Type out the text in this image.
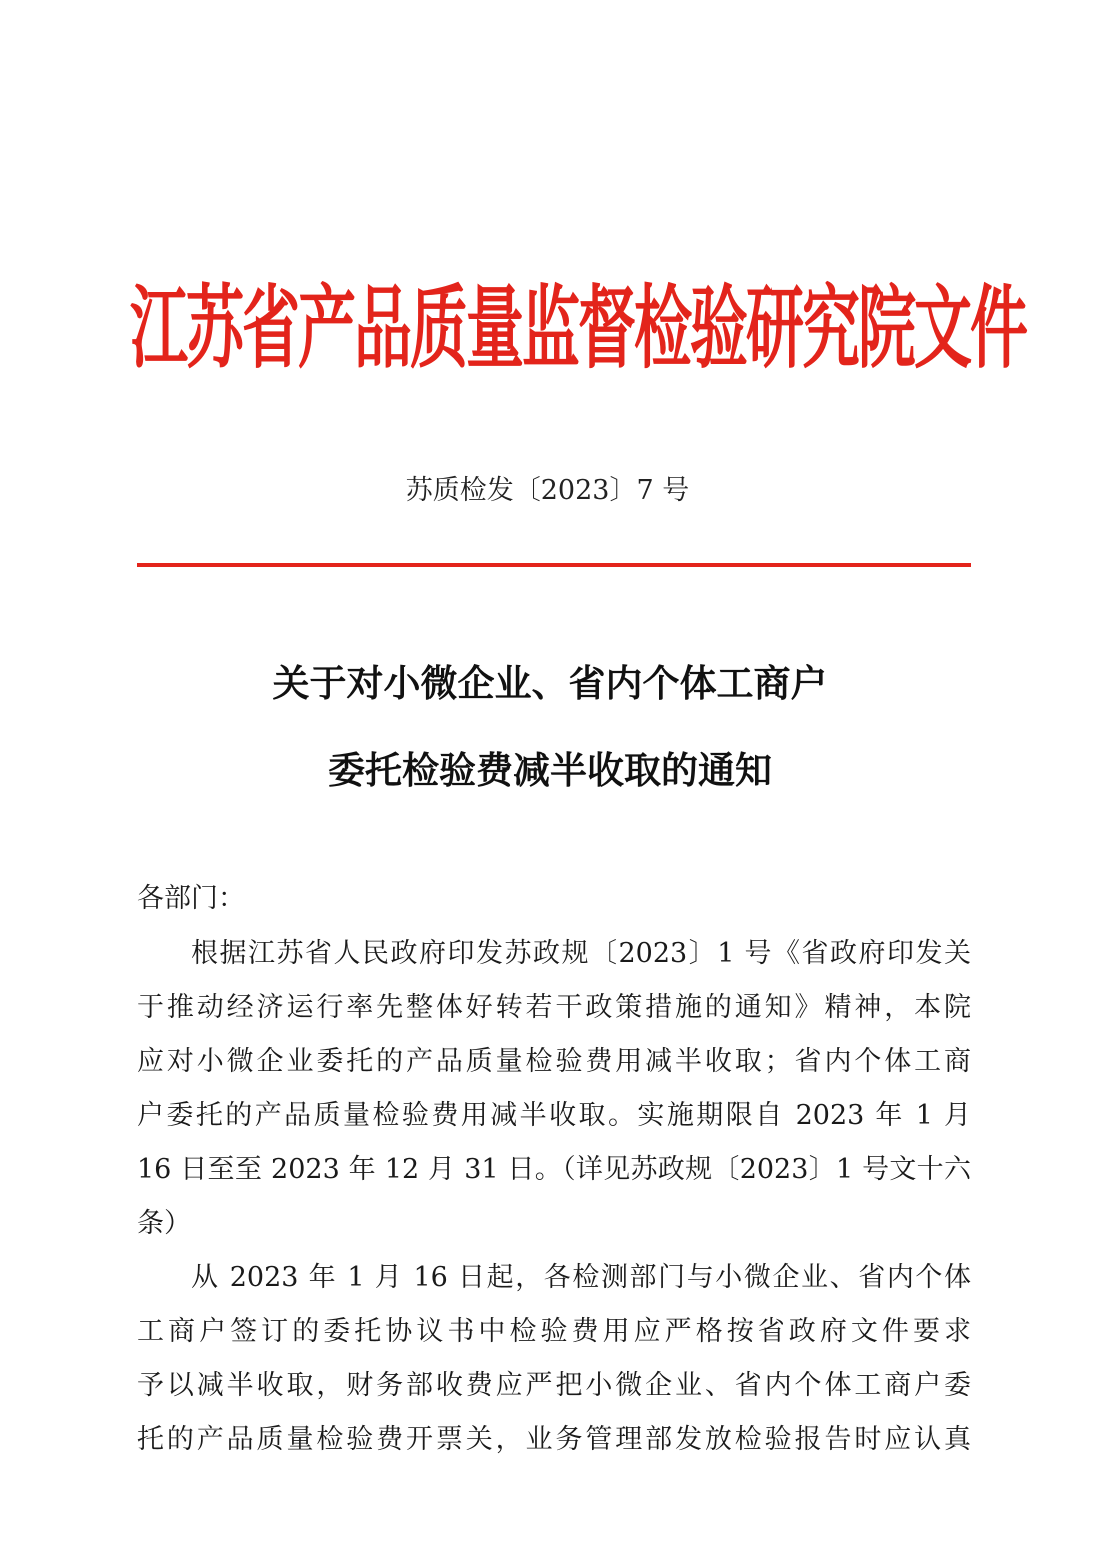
江苏省产品质量监督检验研究院文件
苏质检发〔2023〕7 号
关于对小微企业、省内个体工商户
委托检验费减半收取的通知
各部门：
根据江苏省人民政府印发苏政规〔2023〕1 号《省政府印发关
于推动经济运行率先整体好转若干政策措施的通知》精神，本院
应对小微企业委托的产品质量检验费用减半收取；省内个体工商
户委托的产品质量检验费用减半收取。实施期限自 2023 年 1 月
16 日至至 2023 年 12 月 31 日。（详见苏政规〔2023〕1 号文十六
条）
从 2023 年 1 月 16 日起，各检测部门与小微企业、省内个体
工商户签订的委托协议书中检验费用应严格按省政府文件要求
予以减半收取，财务部收费应严把小微企业、省内个体工商户委
托的产品质量检验费开票关，业务管理部发放检验报告时应认真
